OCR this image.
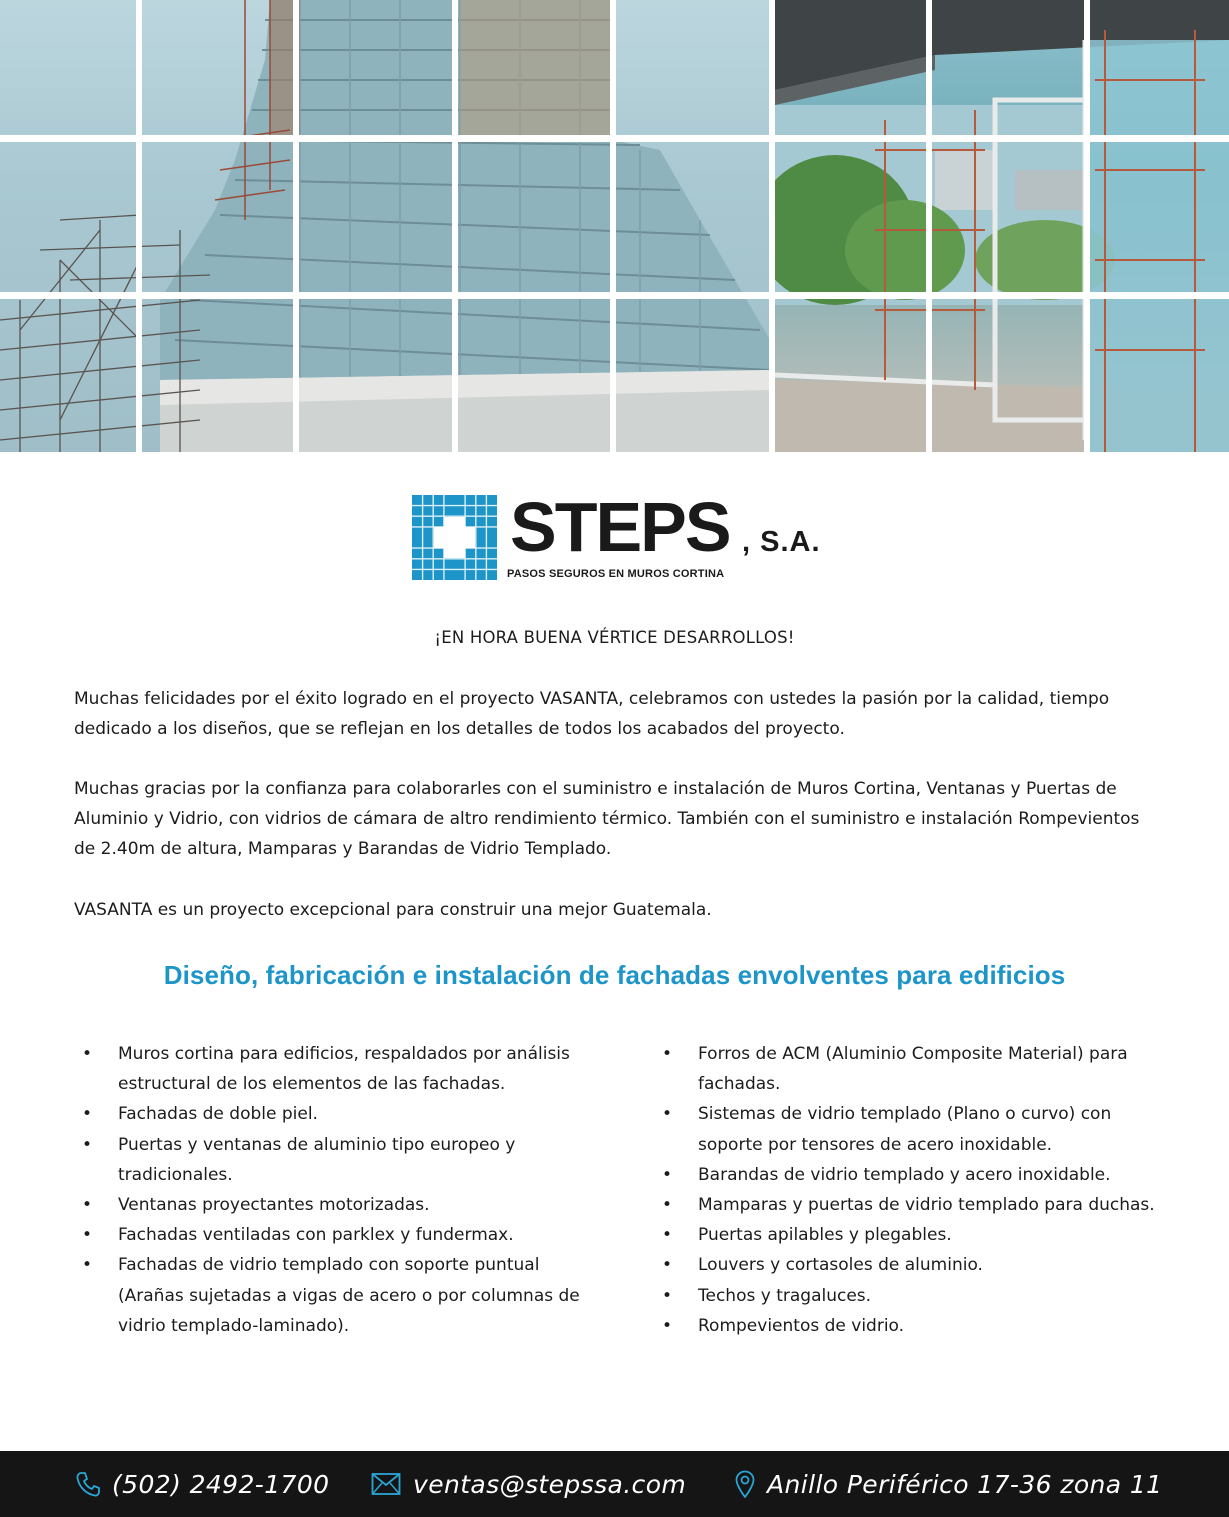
STEPS , S.A.
PASOS SEGUROS EN MUROS CORTINA
¡EN HORA BUENA VÉRTICE DESARROLLOS!

Muchas felicidades por el éxito logrado en el proyecto VASANTA, celebramos con ustedes la pasión por la calidad, tiempo dedicado a los diseños, que se reflejan en los detalles de todos los acabados del proyecto.

Muchas gracias por la confianza para colaborarles con el suministro e instalación de Muros Cortina, Ventanas y Puertas de Aluminio y Vidrio, con vidrios de cámara de altro rendimiento térmico. También con el suministro e instalación Rompevientos de 2.40m de altura, Mamparas y Barandas de Vidrio Templado.

VASANTA es un proyecto excepcional para construir una mejor Guatemala.

Diseño, fabricación e instalación de fachadas envolventes para edificios
• Muros cortina para edificios, respaldados por análisis estructural de los elementos de las fachadas.
• Fachadas de doble piel.
• Puertas y ventanas de aluminio tipo europeo y tradicionales.
• Ventanas proyectantes motorizadas.
• Fachadas ventiladas con parklex y fundermax.
• Fachadas de vidrio templado con soporte puntual (Arañas sujetadas a vigas de acero o por columnas de vidrio templado-laminado).
• Forros de ACM (Aluminio Composite Material) para fachadas.
• Sistemas de vidrio templado (Plano o curvo) con soporte por tensores de acero inoxidable.
• Barandas de vidrio templado y acero inoxidable.
• Mamparas y puertas de vidrio templado para duchas.
• Puertas apilables y plegables.
• Louvers y cortasoles de aluminio.
• Techos y tragaluces.
• Rompevientos de vidrio.
(502) 2492-1700	ventas@stepssa.com	Anillo Periférico 17-36 zona 11
